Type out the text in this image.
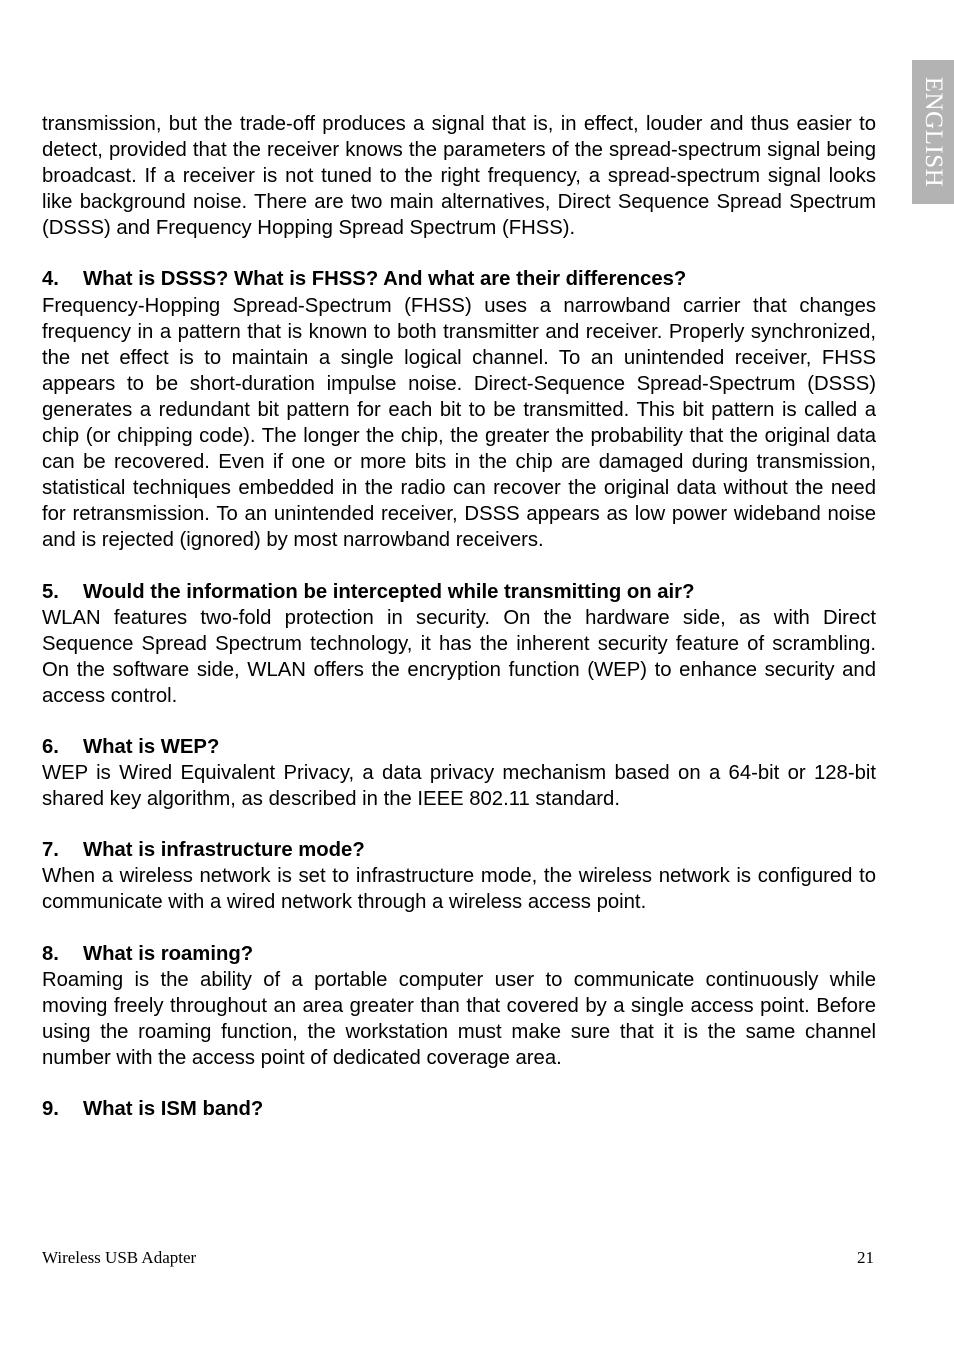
ENGLISH

transmission, but the trade-off produces a signal that is, in effect, louder and thus easier to detect, provided that the receiver knows the parameters of the spread-spectrum signal being broadcast. If a receiver is not tuned to the right frequency, a spread-spectrum signal looks like background noise. There are two main alternatives, Direct Sequence Spread Spectrum (DSSS) and Frequency Hopping Spread Spectrum (FHSS).

4.	What is DSSS? What is FHSS? And what are their differences?

Frequency-Hopping Spread-Spectrum (FHSS) uses a narrowband carrier that changes frequency in a pattern that is known to both transmitter and receiver. Properly synchronized, the net effect is to maintain a single logical channel. To an unintended receiver, FHSS appears to be short-duration impulse noise. Direct-Sequence Spread-Spectrum (DSSS) generates a redundant bit pattern for each bit to be transmitted. This bit pattern is called a chip (or chipping code). The longer the chip, the greater the probability that the original data can be recovered. Even if one or more bits in the chip are damaged during transmission, statistical techniques embedded in the radio can recover the original data without the need for retransmission. To an unintended receiver, DSSS appears as low power wideband noise and is rejected (ignored) by most narrowband receivers.

5.	Would the information be intercepted while transmitting on air?

WLAN features two-fold protection in security. On the hardware side, as with Direct Sequence Spread Spectrum technology, it has the inherent security feature of scrambling. On the software side, WLAN offers the encryption function (WEP) to enhance security and access control.

6.	What is WEP?

WEP is Wired Equivalent Privacy, a data privacy mechanism based on a 64-bit or 128-bit shared key algorithm, as described in the IEEE 802.11 standard.

7.	What is infrastructure mode?

When a wireless network is set to infrastructure mode, the wireless network is configured to communicate with a wired network through a wireless access point.

8.	What is roaming?

Roaming is the ability of a portable computer user to communicate continuously while moving freely throughout an area greater than that covered by a single access point. Before using the roaming function, the workstation must make sure that it is the same channel number with the access point of dedicated coverage area.

9.	What is ISM band?

Wireless USB Adapter	21
